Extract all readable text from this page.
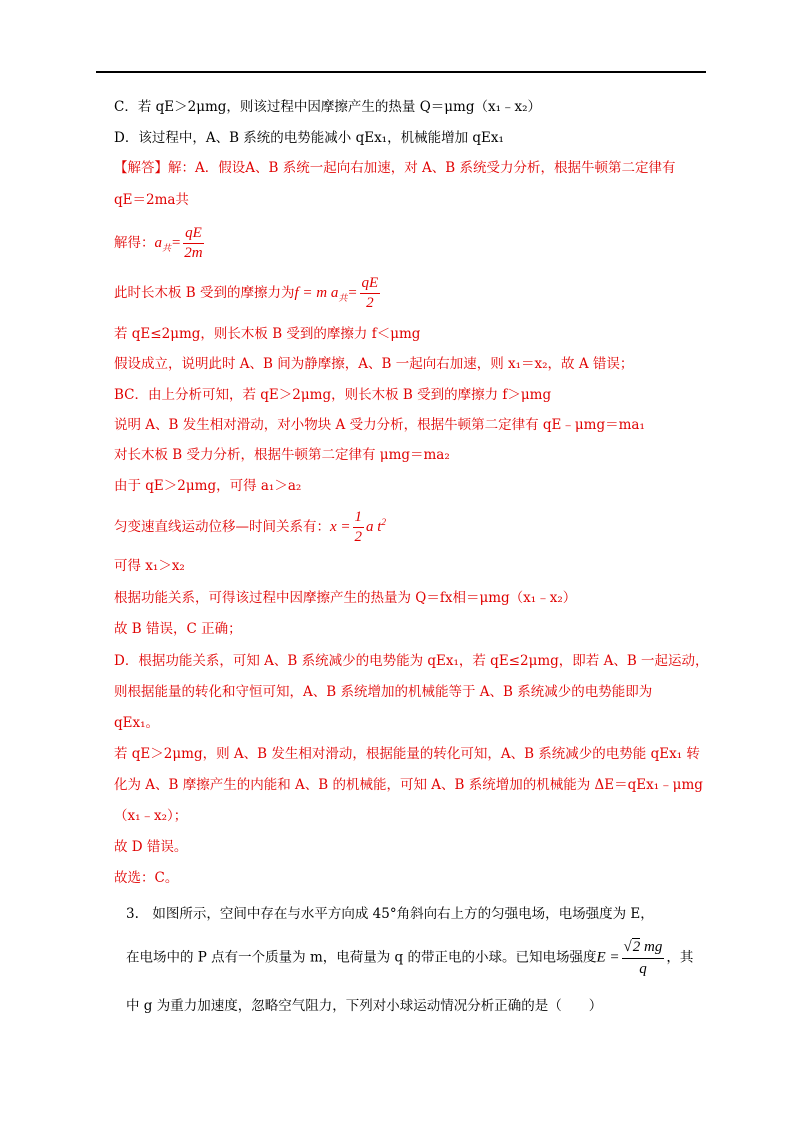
C．若 qE＞2μmg，则该过程中因摩擦产生的热量 Q＝μmg（x₁﹣x₂）
D．该过程中，A、B 系统的电势能减小 qEx₁，机械能增加 qEx₁
【解答】解：A．假设A、B 系统一起向右加速，对 A、B 系统受力分析，根据牛顿第二定律有
qE＝2ma共
解得：$a_共= \frac{qE}{2m}$
此时长木板 B 受到的摩擦力为f = m $a_共= \frac{qE}{2}$
若 qE≤2μmg，则长木板 B 受到的摩擦力 f＜μmg
假设成立，说明此时 A、B 间为静摩擦，A、B 一起向右加速，则 x₁＝x₂，故 A 错误；
BC．由上分析可知，若 qE＞2μmg，则长木板 B 受到的摩擦力 f＞μmg
说明 A、B 发生相对滑动，对小物块 A 受力分析，根据牛顿第二定律有 qE﹣μmg＝ma₁
对长木板 B 受力分析，根据牛顿第二定律有 μmg＝ma₂
由于 qE＞2μmg，可得 a₁＞a₂
匀变速直线运动位移—时间关系有：$x = \frac{1}{2}$ a $t^2$
可得 x₁＞x₂
根据功能关系，可得该过程中因摩擦产生的热量为 Q＝fx相＝μmg（x₁﹣x₂）
故 B 错误，C 正确；
D．根据功能关系，可知 A、B 系统减少的电势能为 qEx₁，若 qE≤2μmg，即若 A、B 一起运动，
则根据能量的转化和守恒可知，A、B 系统增加的机械能等于 A、B 系统减少的电势能即为
qEx₁。
若 qE＞2μmg，则 A、B 发生相对滑动，根据能量的转化可知，A、B 系统减少的电势能 qEx₁ 转
化为 A、B 摩擦产生的内能和 A、B 的机械能，可知 A、B 系统增加的机械能为 ΔE＝qEx₁﹣μmg
（x₁﹣x₂）；
故 D 错误。
故选：C。
3.　如图所示，空间中存在与水平方向成 45°角斜向右上方的匀强电场，电场强度为 E，
在电场中的 P 点有一个质量为 m，电荷量为 q 的带正电的小球。已知电场强度$E = \frac{√2 mg}{q}$ ，其
中 g 为重力加速度，忽略空气阻力，下列对小球运动情况分析正确的是（　　）
